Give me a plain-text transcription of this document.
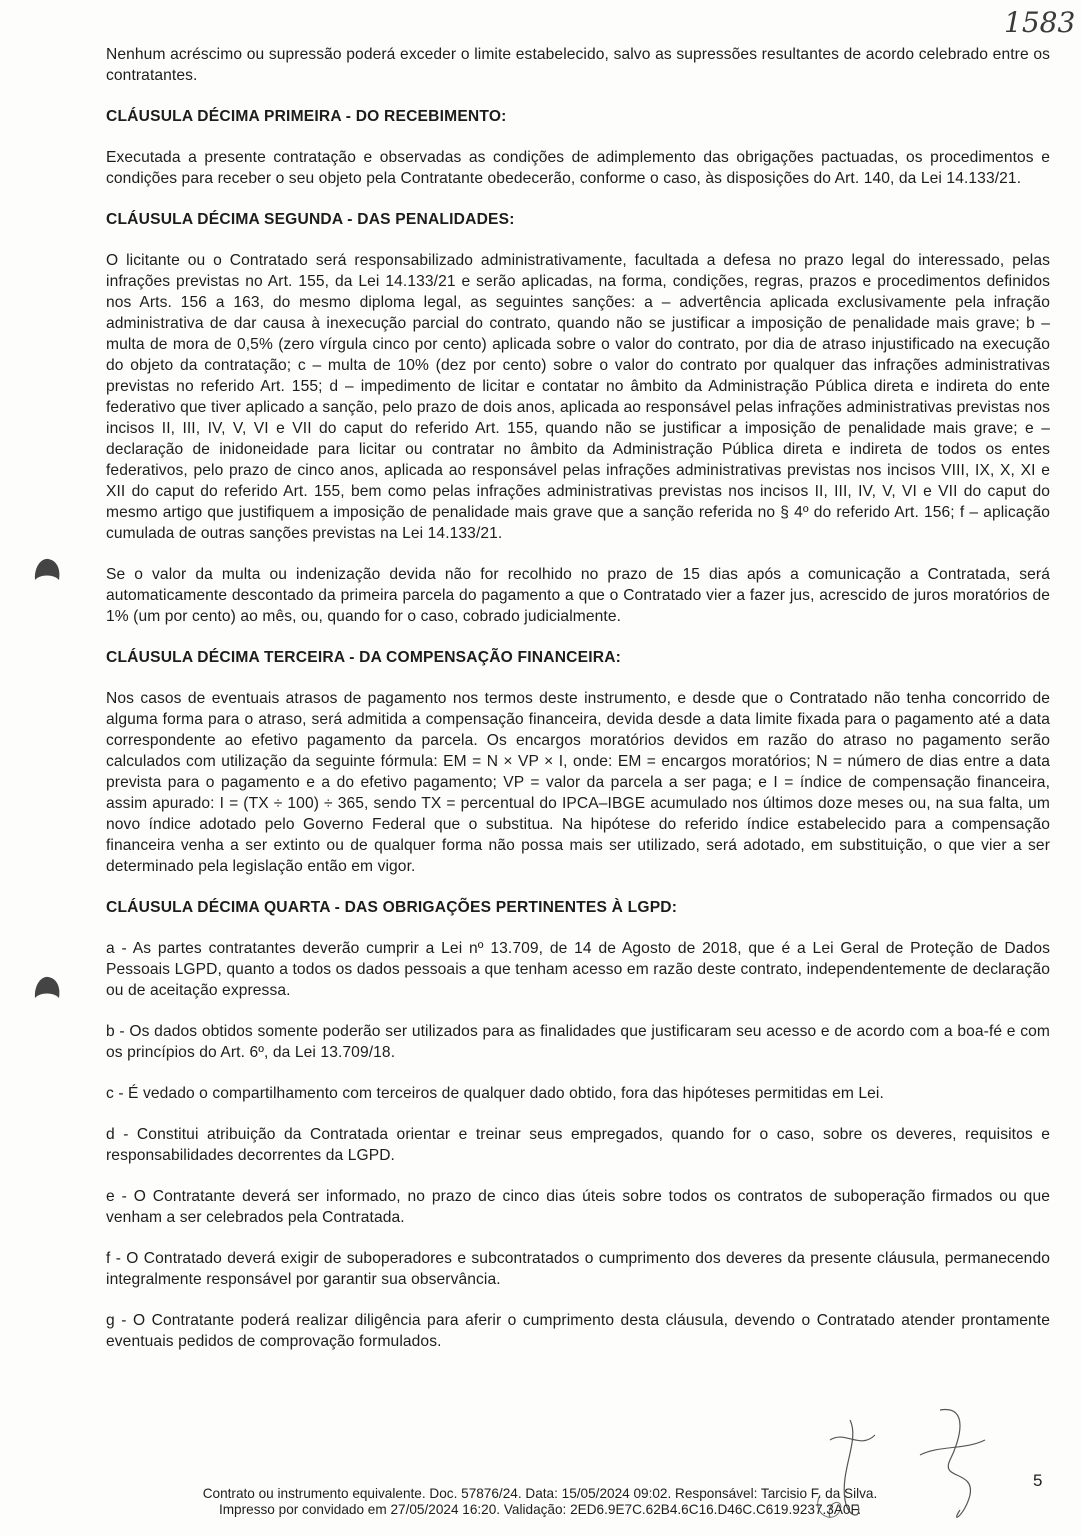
1583

Nenhum acréscimo ou supressão poderá exceder o limite estabelecido, salvo as supressões resultantes de acordo celebrado entre os contratantes.

CLÁUSULA DÉCIMA PRIMEIRA - DO RECEBIMENTO:

Executada a presente contratação e observadas as condições de adimplemento das obrigações pactuadas, os procedimentos e condições para receber o seu objeto pela Contratante obedecerão, conforme o caso, às disposições do Art. 140, da Lei 14.133/21.

CLÁUSULA DÉCIMA SEGUNDA - DAS PENALIDADES:

O licitante ou o Contratado será responsabilizado administrativamente, facultada a defesa no prazo legal do interessado, pelas infrações previstas no Art. 155, da Lei 14.133/21 e serão aplicadas, na forma, condições, regras, prazos e procedimentos definidos nos Arts. 156 a 163, do mesmo diploma legal, as seguintes sanções: a – advertência aplicada exclusivamente pela infração administrativa de dar causa à inexecução parcial do contrato, quando não se justificar a imposição de penalidade mais grave; b – multa de mora de 0,5% (zero vírgula cinco por cento) aplicada sobre o valor do contrato, por dia de atraso injustificado na execução do objeto da contratação; c – multa de 10% (dez por cento) sobre o valor do contrato por qualquer das infrações administrativas previstas no referido Art. 155; d – impedimento de licitar e contatar no âmbito da Administração Pública direta e indireta do ente federativo que tiver aplicado a sanção, pelo prazo de dois anos, aplicada ao responsável pelas infrações administrativas previstas nos incisos II, III, IV, V, VI e VII do caput do referido Art. 155, quando não se justificar a imposição de penalidade mais grave; e – declaração de inidoneidade para licitar ou contratar no âmbito da Administração Pública direta e indireta de todos os entes federativos, pelo prazo de cinco anos, aplicada ao responsável pelas infrações administrativas previstas nos incisos VIII, IX, X, XI e XII do caput do referido Art. 155, bem como pelas infrações administrativas previstas nos incisos II, III, IV, V, VI e VII do caput do mesmo artigo que justifiquem a imposição de penalidade mais grave que a sanção referida no § 4º do referido Art. 156; f – aplicação cumulada de outras sanções previstas na Lei 14.133/21.

Se o valor da multa ou indenização devida não for recolhido no prazo de 15 dias após a comunicação a Contratada, será automaticamente descontado da primeira parcela do pagamento a que o Contratado vier a fazer jus, acrescido de juros moratórios de 1% (um por cento) ao mês, ou, quando for o caso, cobrado judicialmente.

CLÁUSULA DÉCIMA TERCEIRA - DA COMPENSAÇÃO FINANCEIRA:

Nos casos de eventuais atrasos de pagamento nos termos deste instrumento, e desde que o Contratado não tenha concorrido de alguma forma para o atraso, será admitida a compensação financeira, devida desde a data limite fixada para o pagamento até a data correspondente ao efetivo pagamento da parcela. Os encargos moratórios devidos em razão do atraso no pagamento serão calculados com utilização da seguinte fórmula: EM = N × VP × I, onde: EM = encargos moratórios; N = número de dias entre a data prevista para o pagamento e a do efetivo pagamento; VP = valor da parcela a ser paga; e I = índice de compensação financeira, assim apurado: I = (TX ÷ 100) ÷ 365, sendo TX = percentual do IPCA–IBGE acumulado nos últimos doze meses ou, na sua falta, um novo índice adotado pelo Governo Federal que o substitua. Na hipótese do referido índice estabelecido para a compensação financeira venha a ser extinto ou de qualquer forma não possa mais ser utilizado, será adotado, em substituição, o que vier a ser determinado pela legislação então em vigor.

CLÁUSULA DÉCIMA QUARTA - DAS OBRIGAÇÕES PERTINENTES À LGPD:

a - As partes contratantes deverão cumprir a Lei nº 13.709, de 14 de Agosto de 2018, que é a Lei Geral de Proteção de Dados Pessoais LGPD, quanto a todos os dados pessoais a que tenham acesso em razão deste contrato, independentemente de declaração ou de aceitação expressa.

b - Os dados obtidos somente poderão ser utilizados para as finalidades que justificaram seu acesso e de acordo com a boa-fé e com os princípios do Art. 6º, da Lei 13.709/18.

c - É vedado o compartilhamento com terceiros de qualquer dado obtido, fora das hipóteses permitidas em Lei.

d - Constitui atribuição da Contratada orientar e treinar seus empregados, quando for o caso, sobre os deveres, requisitos e responsabilidades decorrentes da LGPD.

e - O Contratante deverá ser informado, no prazo de cinco dias úteis sobre todos os contratos de suboperação firmados ou que venham a ser celebrados pela Contratada.

f - O Contratado deverá exigir de suboperadores e subcontratados o cumprimento dos deveres da presente cláusula, permanecendo integralmente responsável por garantir sua observância.

g - O Contratante poderá realizar diligência para aferir o cumprimento desta cláusula, devendo o Contratado atender prontamente eventuais pedidos de comprovação formulados.

5
Contrato ou instrumento equivalente. Doc. 57876/24. Data: 15/05/2024 09:02. Responsável: Tarcisio F. da Silva.
Impresso por convidado em 27/05/2024 16:20. Validação: 2ED6.9E7C.62B4.6C16.D46C.C619.9237.3A0F.
